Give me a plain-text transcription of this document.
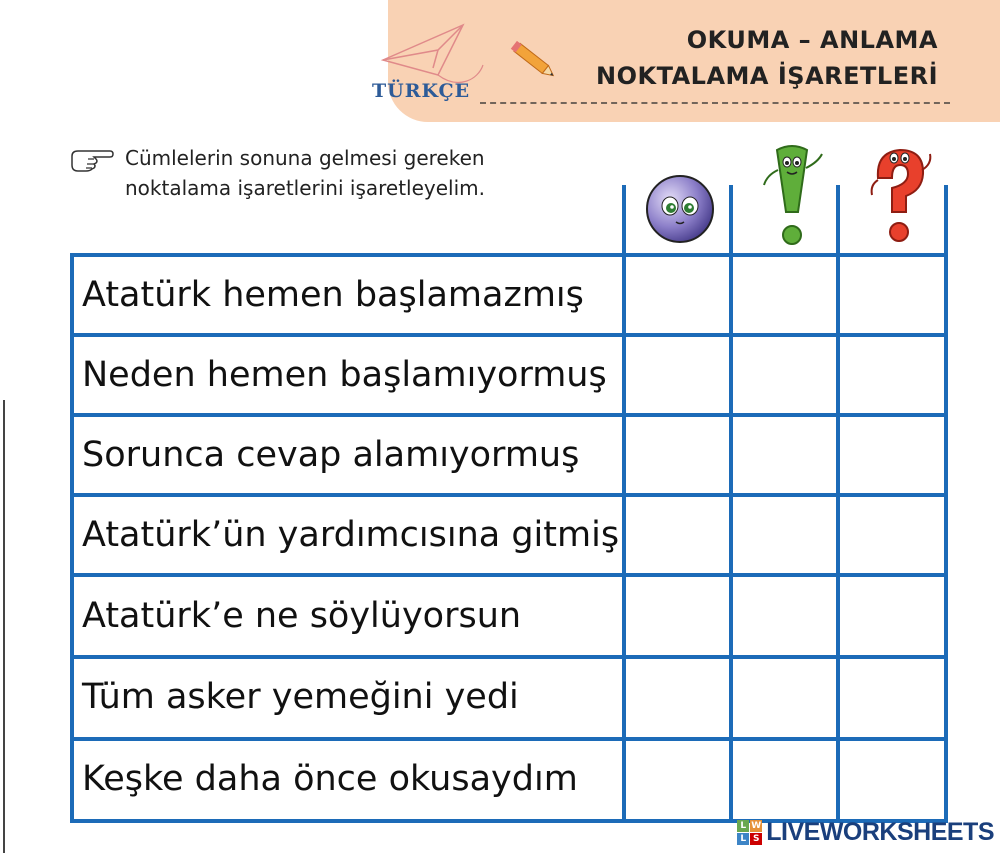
TÜRKÇE
OKUMA – ANLAMA
NOKTALAMA İŞARETLERİ
Cümlelerin sonuna gelmesi gereken
noktalama işaretlerini işaretleyelim.
Atatürk hemen başlamazmış
Neden hemen başlamıyormuş
Sorunca cevap alamıyormuş
Atatürk’ün yardımcısına gitmiş
Atatürk’e ne söylüyorsun
Tüm asker yemeğini yedi
Keşke daha önce okusaydım
L W
L S LIVEWORKSHEETS
